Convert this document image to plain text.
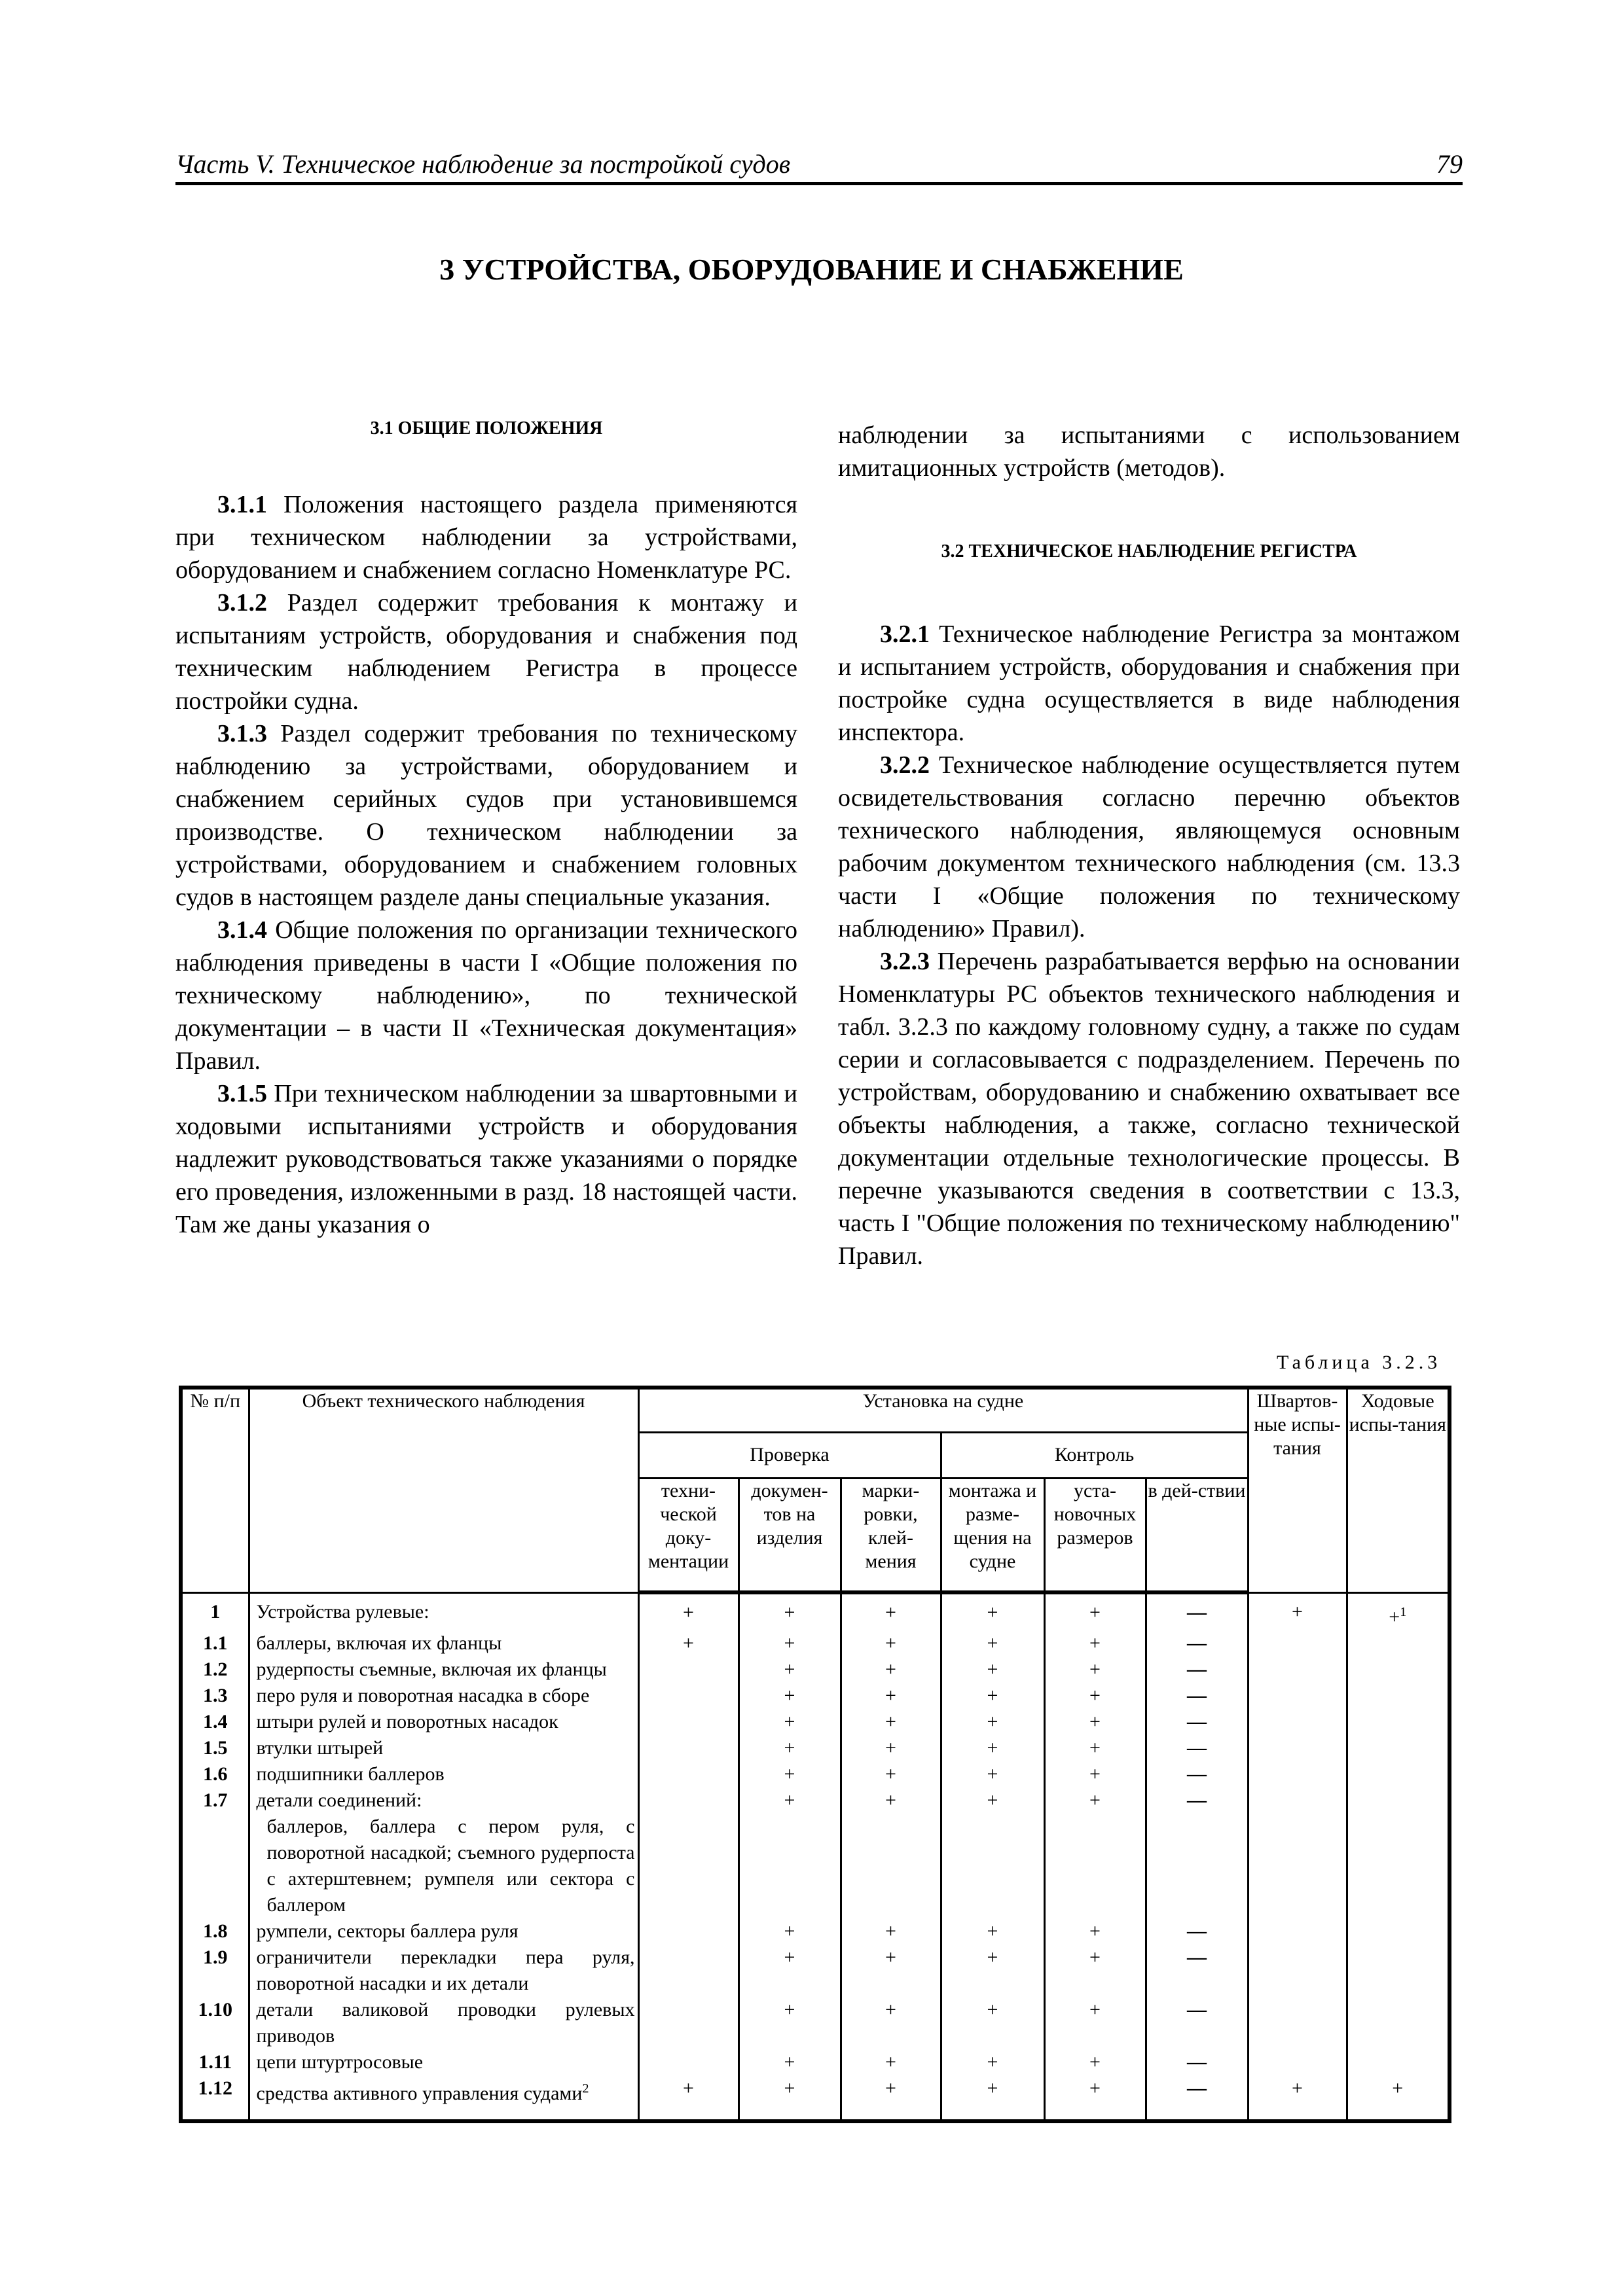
Часть V. Техническое наблюдение за постройкой судов	79
3 УСТРОЙСТВА, ОБОРУДОВАНИЕ И СНАБЖЕНИЕ
3.1 ОБЩИЕ ПОЛОЖЕНИЯ

3.1.1 Положения настоящего раздела применяются при техническом наблюдении за устройствами, оборудованием и снабжением согласно Номенклатуре РС.

3.1.2 Раздел содержит требования к монтажу и испытаниям устройств, оборудования и снабжения под техническим наблюдением Регистра в процессе постройки судна.

3.1.3 Раздел содержит требования по техническому наблюдению за устройствами, оборудованием и снабжением серийных судов при установившемся производстве. О техническом наблюдении за устройствами, оборудованием и снабжением головных судов в настоящем разделе даны специальные указания.

3.1.4 Общие положения по организации технического наблюдения приведены в части I «Общие положения по техническому наблюдению», по технической документации – в части II «Техническая документация» Правил.

3.1.5 При техническом наблюдении за швартовными и ходовыми испытаниями устройств и оборудования надлежит руководствоваться также указаниями о порядке его проведения, изложенными в разд. 18 настоящей части. Там же даны указания о

наблюдении за испытаниями с использованием имитационных устройств (методов).
3.2 ТЕХНИЧЕСКОЕ НАБЛЮДЕНИЕ РЕГИСТРА

3.2.1 Техническое наблюдение Регистра за монтажом и испытанием устройств, оборудования и снабжения при постройке судна осуществляется в виде наблюдения инспектора.

3.2.2 Техническое наблюдение осуществляется путем освидетельствования согласно перечню объектов технического наблюдения, являющемуся основным рабочим документом технического наблюдения (см. 13.3 части I «Общие положения по техническому наблюдению» Правил).

3.2.3 Перечень разрабатывается верфью на основании Номенклатуры РС объектов технического наблюдения и табл. 3.2.3 по каждому головному судну, а также по судам серии и согласовывается с подразделением. Перечень по устройствам, оборудованию и снабжению охватывает все объекты наблюдения, а также, согласно технической документации отдельные технологические процессы. В перечне указываются сведения в соответствии с 13.3, часть I "Общие положения по техническому наблюдению" Правил.

Таблица 3.2.3
№ п/п	Объект технического наблюдения	Установка на судне						Швартов-ные испы-тания	Ходовые испы-тания
		Проверка			Контроль				
		техни-ческой доку-ментации	докумен-тов на изделия	марки-ровки, клей-мения	монтажа и разме-щения на судне	уста-новочных размеров	в дей-ствии		
1	Устройства рулевые:	+	+	+	+	+	—	+	+$^1$
1.1	баллеры, включая их фланцы	+	+	+	+	+	—		
1.2	рудерпосты съемные, включая их фланцы		+	+	+	+	—		
1.3	перо руля и поворотная насадка в сборе		+	+	+	+	—		
1.4	штыри рулей и поворотных насадок		+	+	+	+	—		
1.5	втулки штырей		+	+	+	+	—		
1.6	подшипники баллеров		+	+	+	+	—		
1.7	детали соединений:		+	+	+	+	—		
	баллеров, баллера с пером руля, с поворотной насадкой; съемного рудерпоста с ахтерштевнем; румпеля или сектора с баллером								
1.8	румпели, секторы баллера руля		+	+	+	+	—		
1.9	ограничители перекладки пера руля, поворотной насадки и их детали		+	+	+	+	—		
1.10	детали валиковой проводки рулевых приводов		+	+	+	+	—		
1.11	цепи штуртросовые		+	+	+	+	—		
1.12	средства активного управления судами$^2$	+	+	+	+	+	—	+	+
